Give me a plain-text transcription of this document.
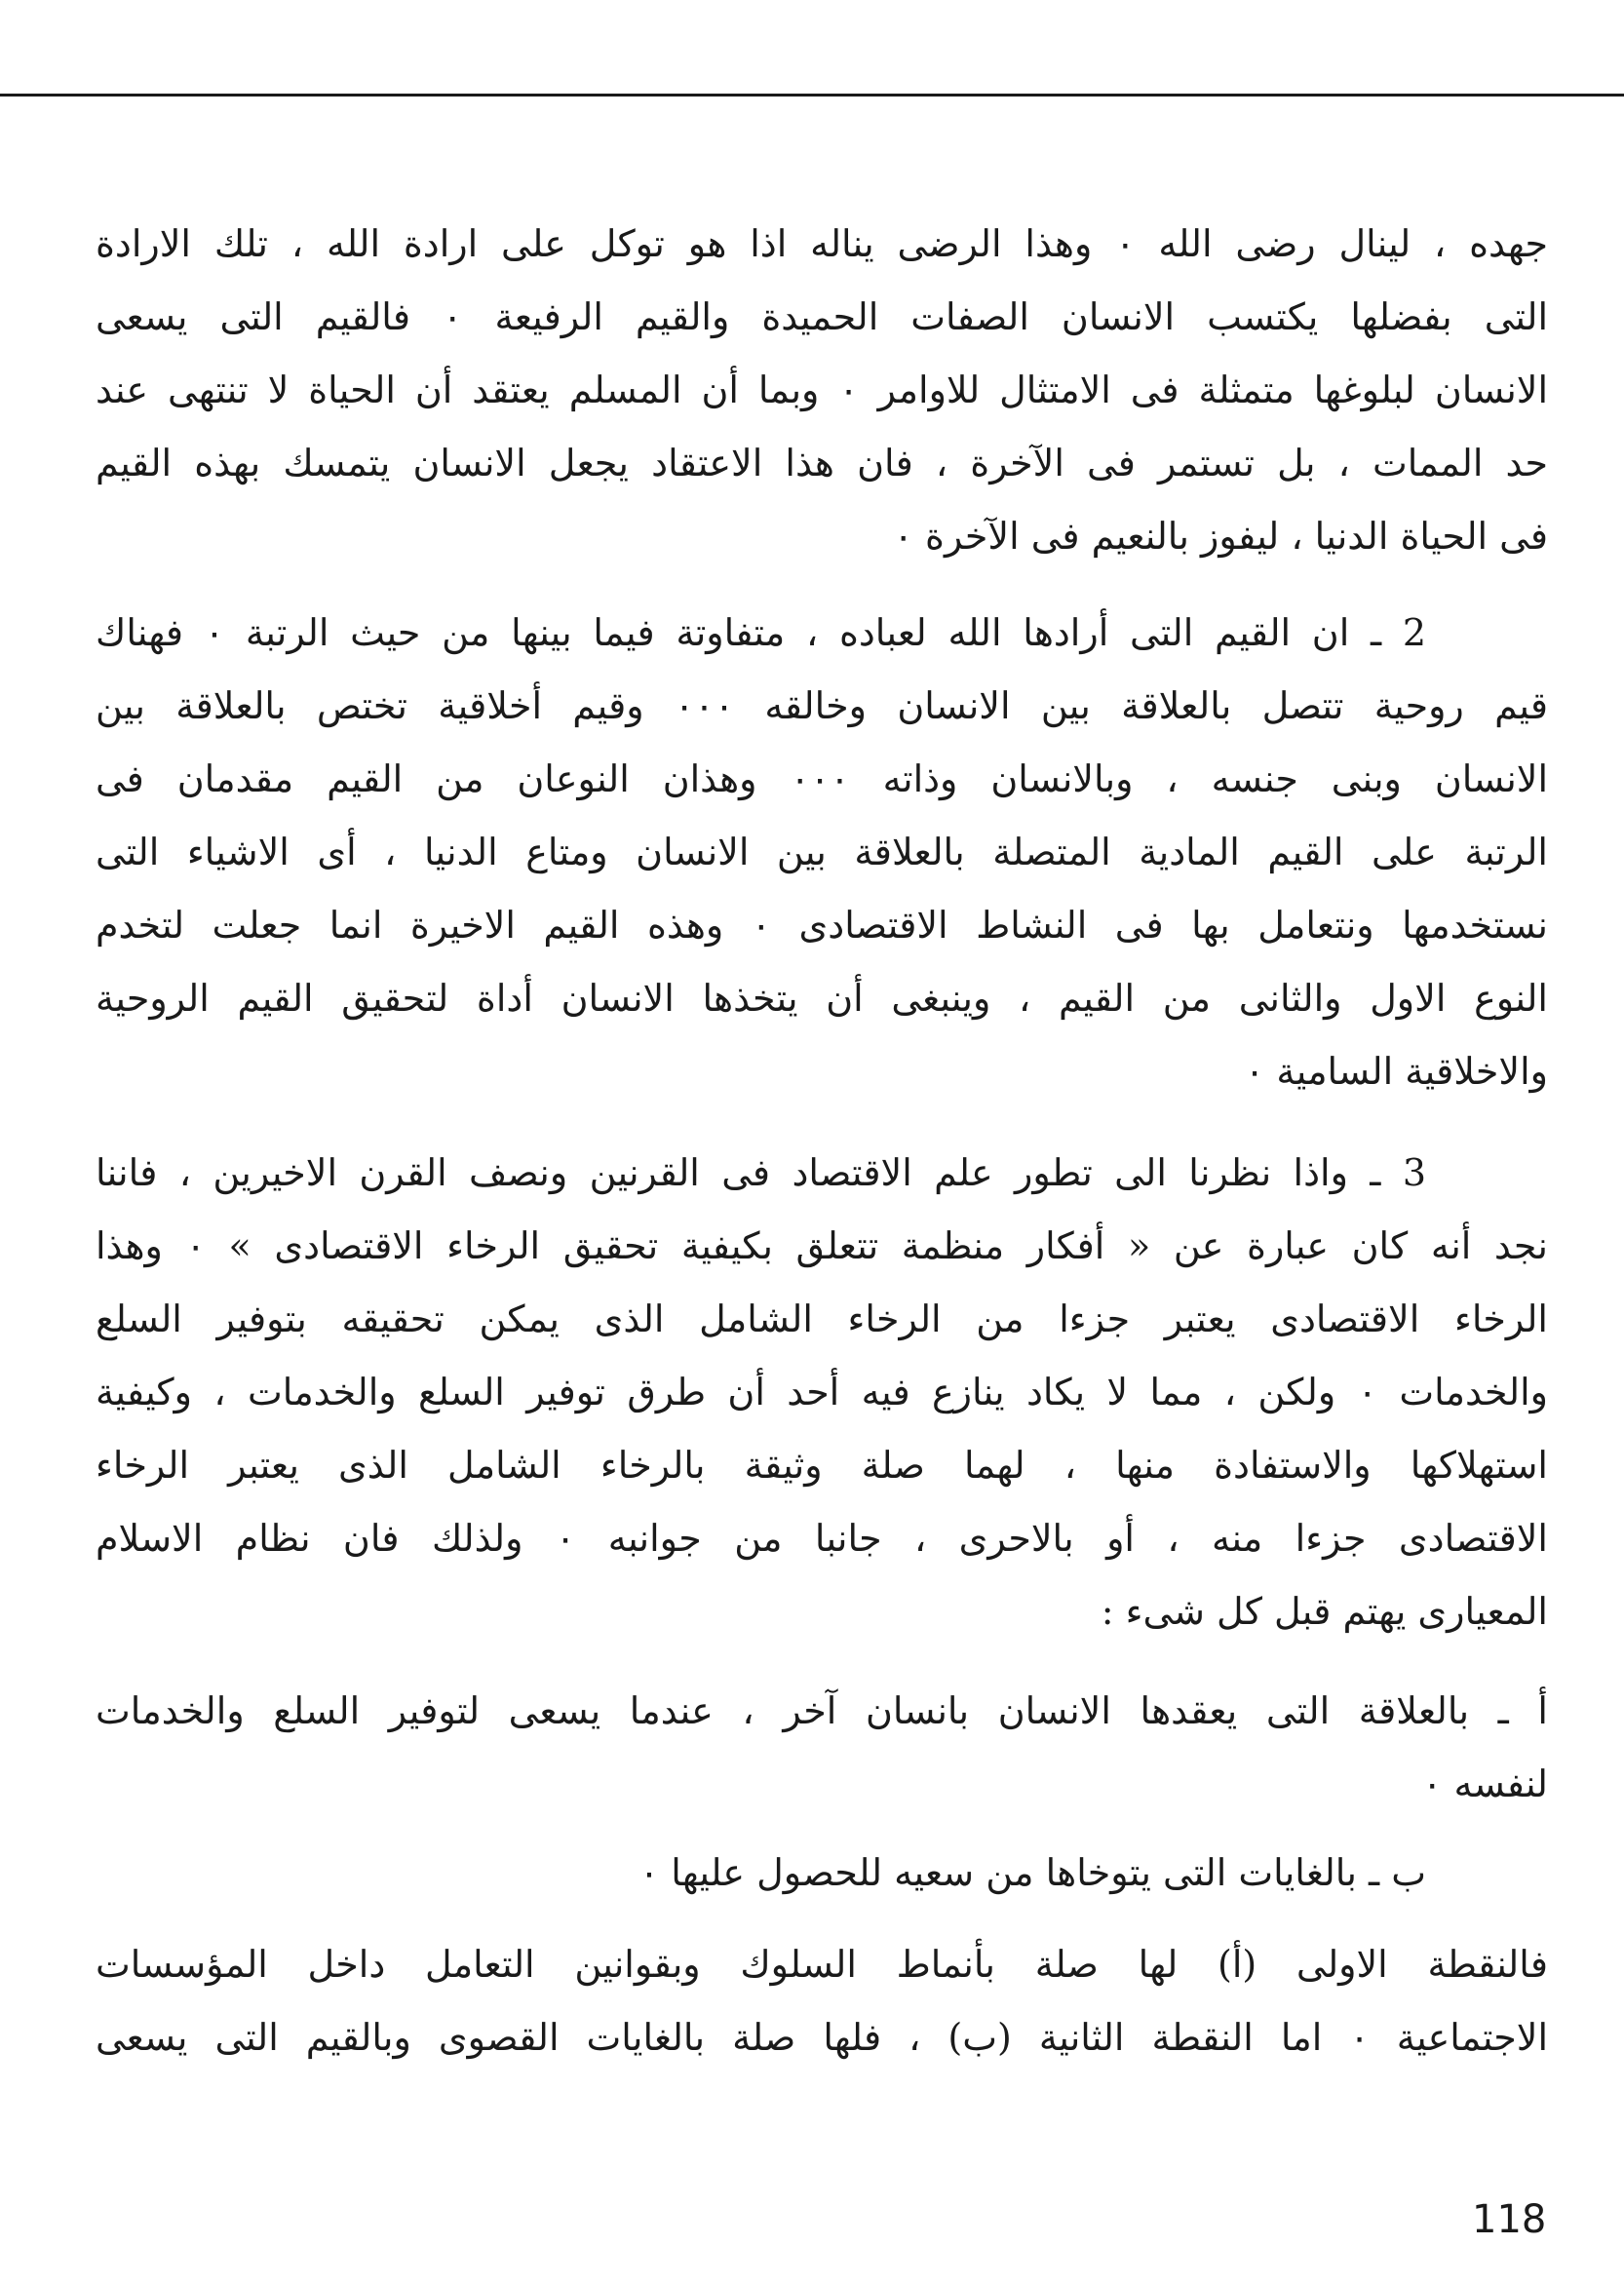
جهده ، لينال رضى الله ٠ وهذا الرضى يناله اذا هو توكل على ارادة الله ، تلك الارادة
التى بفضلها يكتسب الانسان الصفات الحميدة والقيم الرفيعة ٠ فالقيم التى يسعى
الانسان لبلوغها متمثلة فى الامتثال للاوامر ٠ وبما أن المسلم يعتقد أن الحياة لا تنتهى عند
حد الممات ، بل تستمر فى الآخرة ، فان هذا الاعتقاد يجعل الانسان يتمسك بهذه القيم
فى الحياة الدنيا ، ليفوز بالنعيم فى الآخرة ٠
2 ـ ان القيم التى أرادها الله لعباده ، متفاوتة فيما بينها من حيث الرتبة ٠ فهناك
قيم روحية تتصل بالعلاقة بين الانسان وخالقه ٠٠٠ وقيم أخلاقية تختص بالعلاقة بين
الانسان وبنى جنسه ، وبالانسان وذاته ٠٠٠ وهذان النوعان من القيم مقدمان فى
الرتبة على القيم المادية المتصلة بالعلاقة بين الانسان ومتاع الدنيا ، أى الاشياء التى
نستخدمها ونتعامل بها فى النشاط الاقتصادى ٠ وهذه القيم الاخيرة انما جعلت لتخدم
النوع الاول والثانى من القيم ، وينبغى أن يتخذها الانسان أداة لتحقيق القيم الروحية
والاخلاقية السامية ٠
3 ـ واذا نظرنا الى تطور علم الاقتصاد فى القرنين ونصف القرن الاخيرين ، فاننا
نجد أنه كان عبارة عن « أفكار منظمة تتعلق بكيفية تحقيق الرخاء الاقتصادى » ٠ وهذا
الرخاء الاقتصادى يعتبر جزءا من الرخاء الشامل الذى يمكن تحقيقه بتوفير السلع
والخدمات ٠ ولكن ، مما لا يكاد ينازع فيه أحد أن طرق توفير السلع والخدمات ، وكيفية
استهلاكها والاستفادة منها ، لهما صلة وثيقة بالرخاء الشامل الذى يعتبر الرخاء
الاقتصادى جزءا منه ، أو بالاحرى ، جانبا من جوانبه ٠ ولذلك فان نظام الاسلام
المعيارى يهتم قبل كل شىء :
أ ـ بالعلاقة التى يعقدها الانسان بانسان آخر ، عندما يسعى لتوفير السلع والخدمات
لنفسه ٠
ب ـ بالغايات التى يتوخاها من سعيه للحصول عليها ٠
فالنقطة الاولى (أ) لها صلة بأنماط السلوك وبقوانين التعامل داخل المؤسسات
الاجتماعية ٠ اما النقطة الثانية (ب) ، فلها صلة بالغايات القصوى وبالقيم التى يسعى
118
